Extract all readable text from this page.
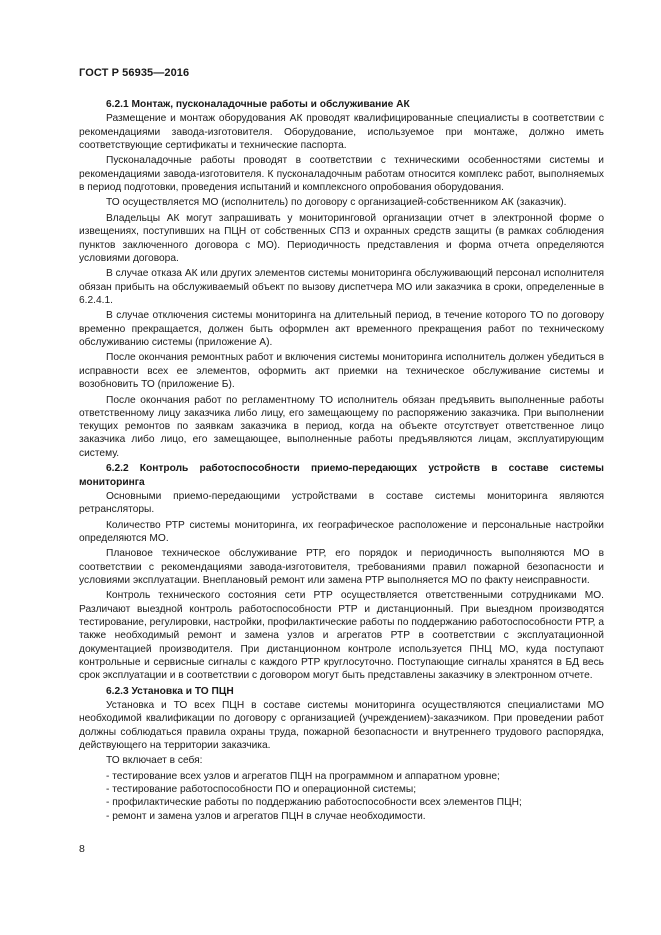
ГОСТ Р 56935—2016
6.2.1 Монтаж, пусконаладочные работы и обслуживание АК

Размещение и монтаж оборудования АК проводят квалифицированные специалисты в соответствии с рекомендациями завода-изготовителя. Оборудование, используемое при монтаже, должно иметь соответствующие сертификаты и технические паспорта.

Пусконаладочные работы проводят в соответствии с техническими особенностями системы и рекомендациями завода-изготовителя. К пусконаладочным работам относится комплекс работ, выполняемых в период подготовки, проведения испытаний и комплексного опробования оборудования.

ТО осуществляется МО (исполнитель) по договору с организацией-собственником АК (заказчик).

Владельцы АК могут запрашивать у мониторинговой организации отчет в электронной форме о извещениях, поступивших на ПЦН от собственных СПЗ и охранных средств защиты (в рамках соблюдения пунктов заключенного договора с МО). Периодичность представления и форма отчета определяются условиями договора.

В случае отказа АК или других элементов системы мониторинга обслуживающий персонал исполнителя обязан прибыть на обслуживаемый объект по вызову диспетчера МО или заказчика в сроки, определенные в 6.2.4.1.

В случае отключения системы мониторинга на длительный период, в течение которого ТО по договору временно прекращается, должен быть оформлен акт временного прекращения работ по техническому обслуживанию системы (приложение А).

После окончания ремонтных работ и включения системы мониторинга исполнитель должен убедиться в исправности всех ее элементов, оформить акт приемки на техническое обслуживание системы и возобновить ТО (приложение Б).

После окончания работ по регламентному ТО исполнитель обязан предъявить выполненные работы ответственному лицу заказчика либо лицу, его замещающему по распоряжению заказчика. При выполнении текущих ремонтов по заявкам заказчика в период, когда на объекте отсутствует ответственное лицо заказчика либо лицо, его замещающее, выполненные работы предъявляются лицам, эксплуатирующим систему.

6.2.2 Контроль работоспособности приемо-передающих устройств в составе системы мониторинга

Основными приемо-передающими устройствами в составе системы мониторинга являются ретрансляторы.

Количество РТР системы мониторинга, их географическое расположение и персональные настройки определяются МО.

Плановое техническое обслуживание РТР, его порядок и периодичность выполняются МО в соответствии с рекомендациями завода-изготовителя, требованиями правил пожарной безопасности и условиями эксплуатации. Внеплановый ремонт или замена РТР выполняется МО по факту неисправности.

Контроль технического состояния сети РТР осуществляется ответственными сотрудниками МО. Различают выездной контроль работоспособности РТР и дистанционный. При выездном производятся тестирование, регулировки, настройки, профилактические работы по поддержанию работоспособности РТР, а также необходимый ремонт и замена узлов и агрегатов РТР в соответствии с эксплуатационной документацией производителя. При дистанционном контроле используется ПНЦ МО, куда поступают контрольные и сервисные сигналы с каждого РТР круглосуточно. Поступающие сигналы хранятся в БД весь срок эксплуатации и в соответствии с договором могут быть представлены заказчику в электронном отчете.

6.2.3 Установка и ТО ПЦН

Установка и ТО всех ПЦН в составе системы мониторинга осуществляются специалистами МО необходимой квалификации по договору с организацией (учреждением)-заказчиком. При проведении работ должны соблюдаться правила охраны труда, пожарной безопасности и внутреннего трудового распорядка, действующего на территории заказчика.

ТО включает в себя:

- тестирование всех узлов и агрегатов ПЦН на программном и аппаратном уровне;

- тестирование работоспособности ПО и операционной системы;

- профилактические работы по поддержанию работоспособности всех элементов ПЦН;

- ремонт и замена узлов и агрегатов ПЦН в случае необходимости.

8
